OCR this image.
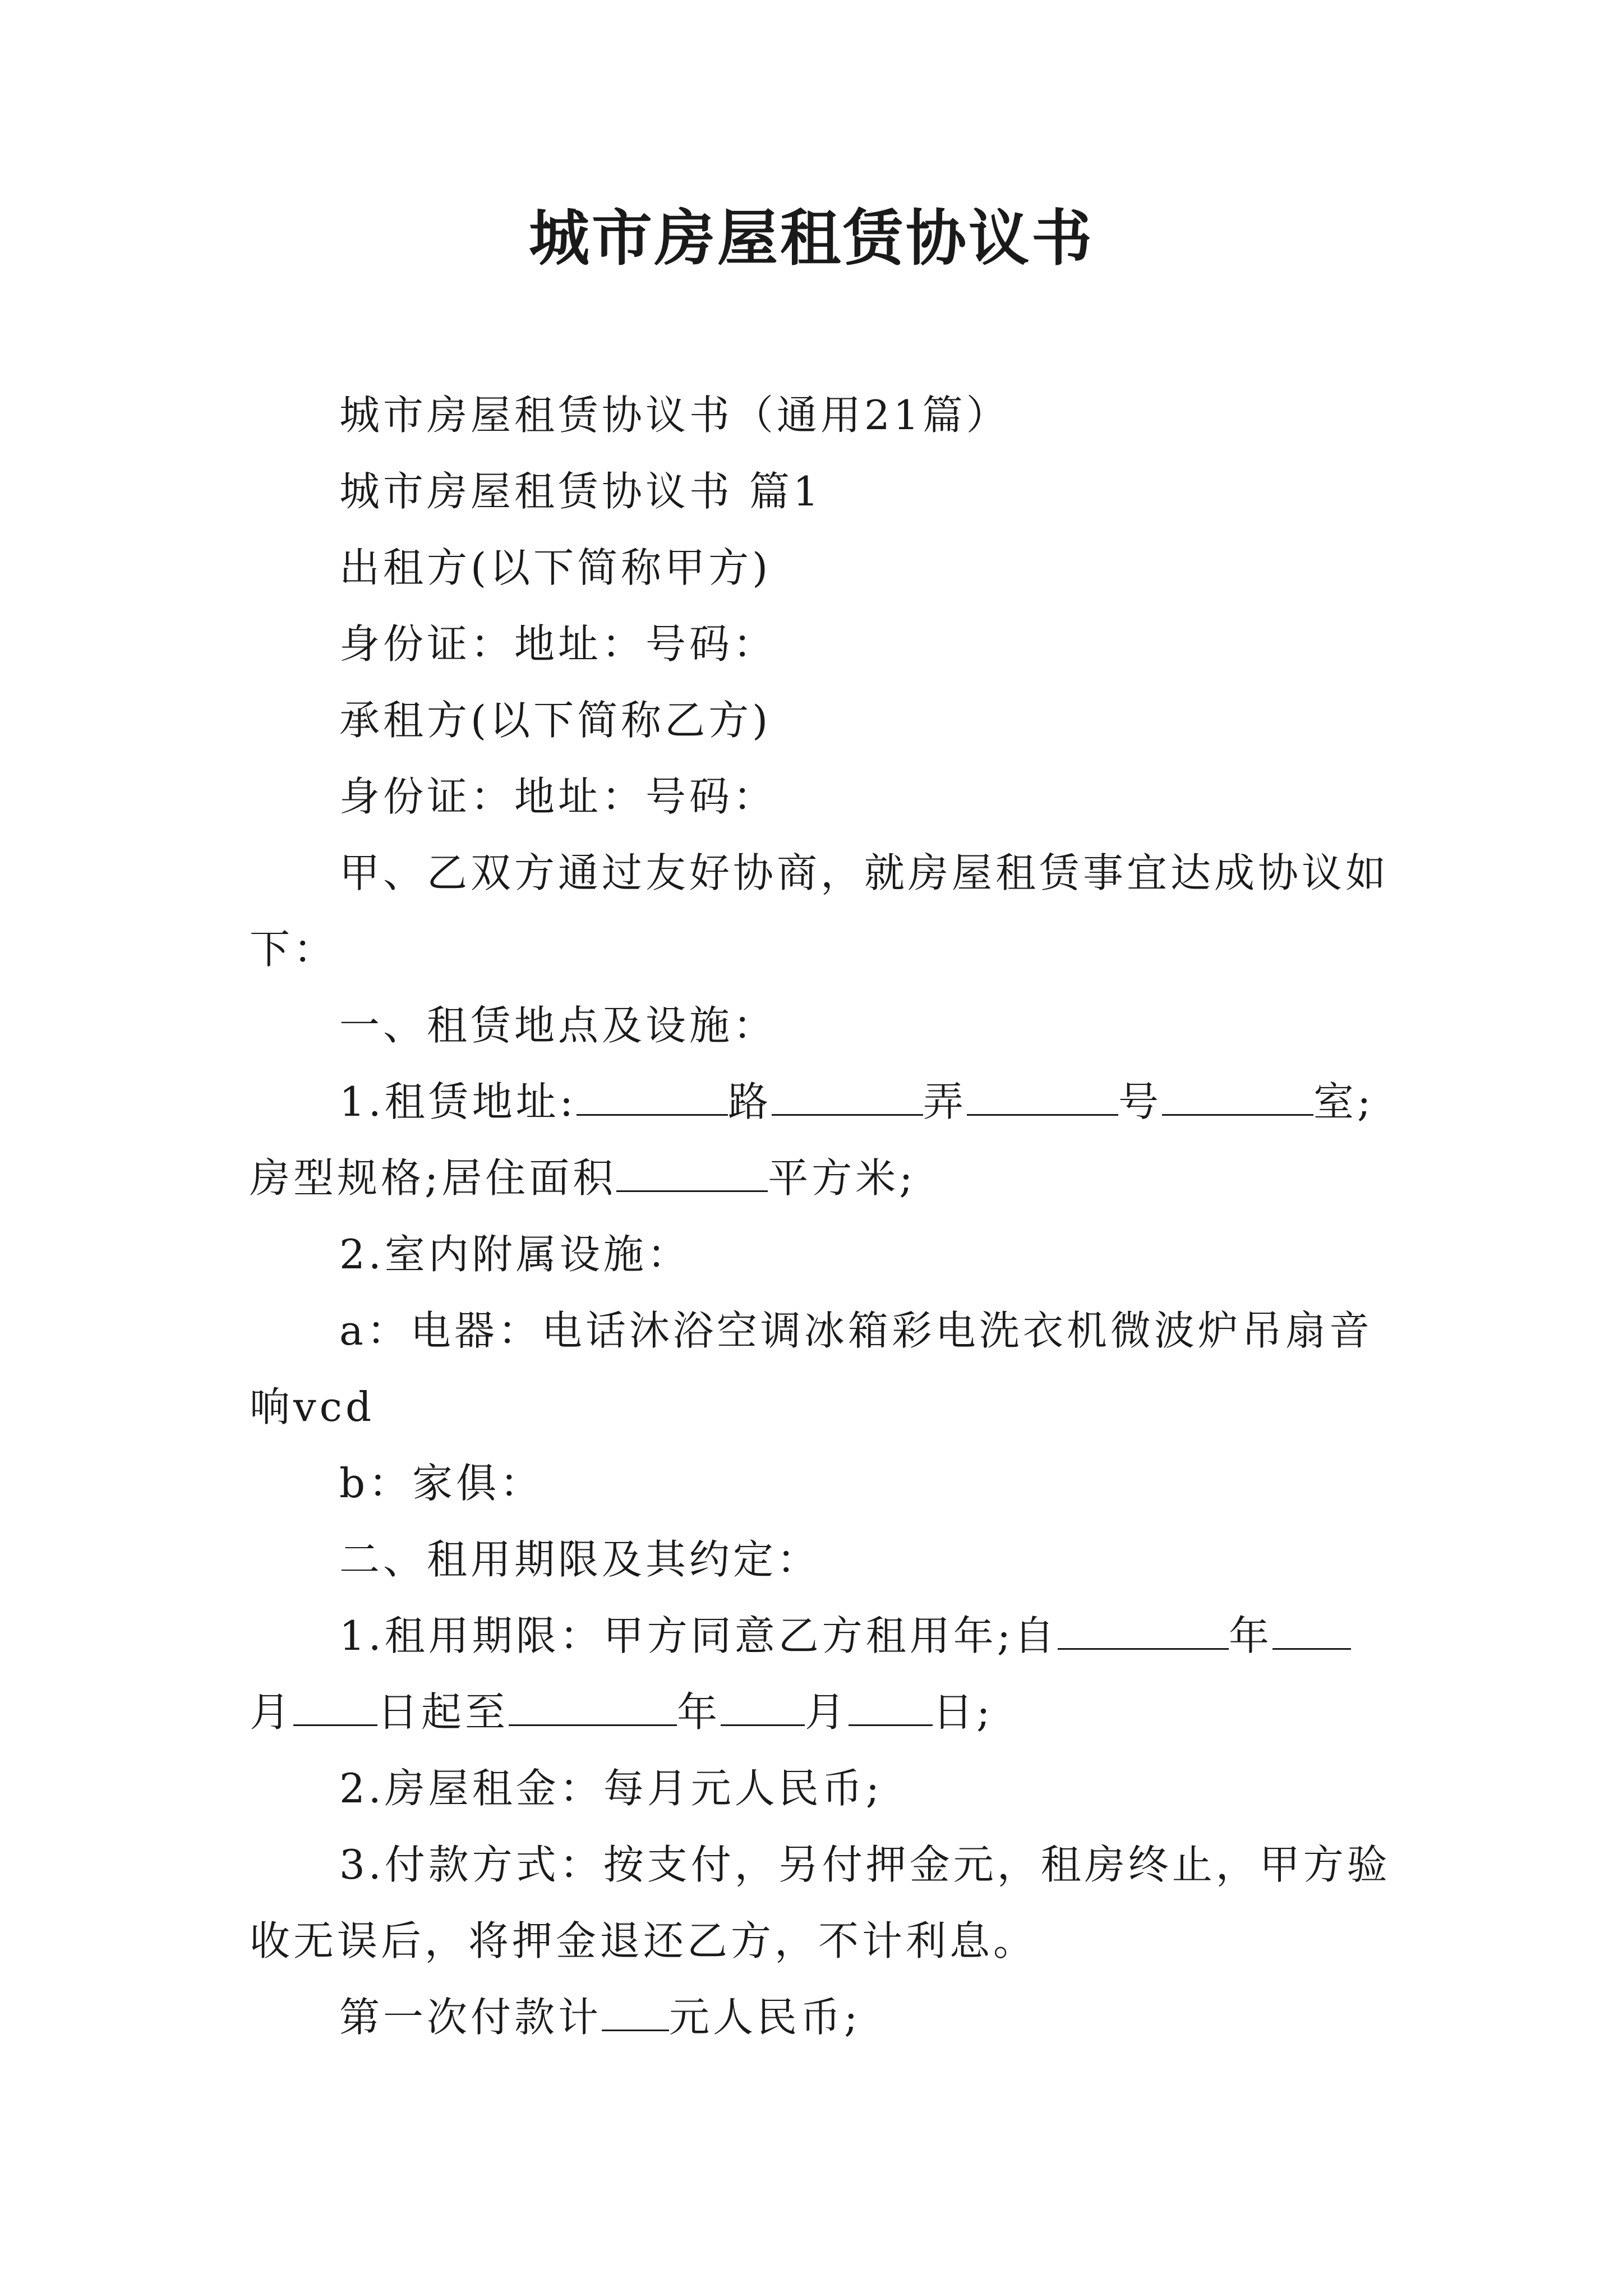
城市房屋租赁协议书
城市房屋租赁协议书（通用21篇）
城市房屋租赁协议书 篇1
出租方(以下简称甲方)
身份证：地址：号码：
承租方(以下简称乙方)
身份证：地址：号码：
甲、乙双方通过友好协商，就房屋租赁事宜达成协议如
下：
一、租赁地点及设施：
1.租赁地址:	路	弄	号	室;
房型规格;居住面积	平方米;
2.室内附属设施：
a：电器：电话沐浴空调冰箱彩电洗衣机微波炉吊扇音
响vcd
b：家俱：
二、租用期限及其约定：
1.租用期限：甲方同意乙方租用年;自	年
月 日起至	年 月 日;
2.房屋租金：每月元人民币;
3.付款方式：按支付，另付押金元，租房终止，甲方验
收无误后，将押金退还乙方，不计利息。
第一次付款计 元人民币;
